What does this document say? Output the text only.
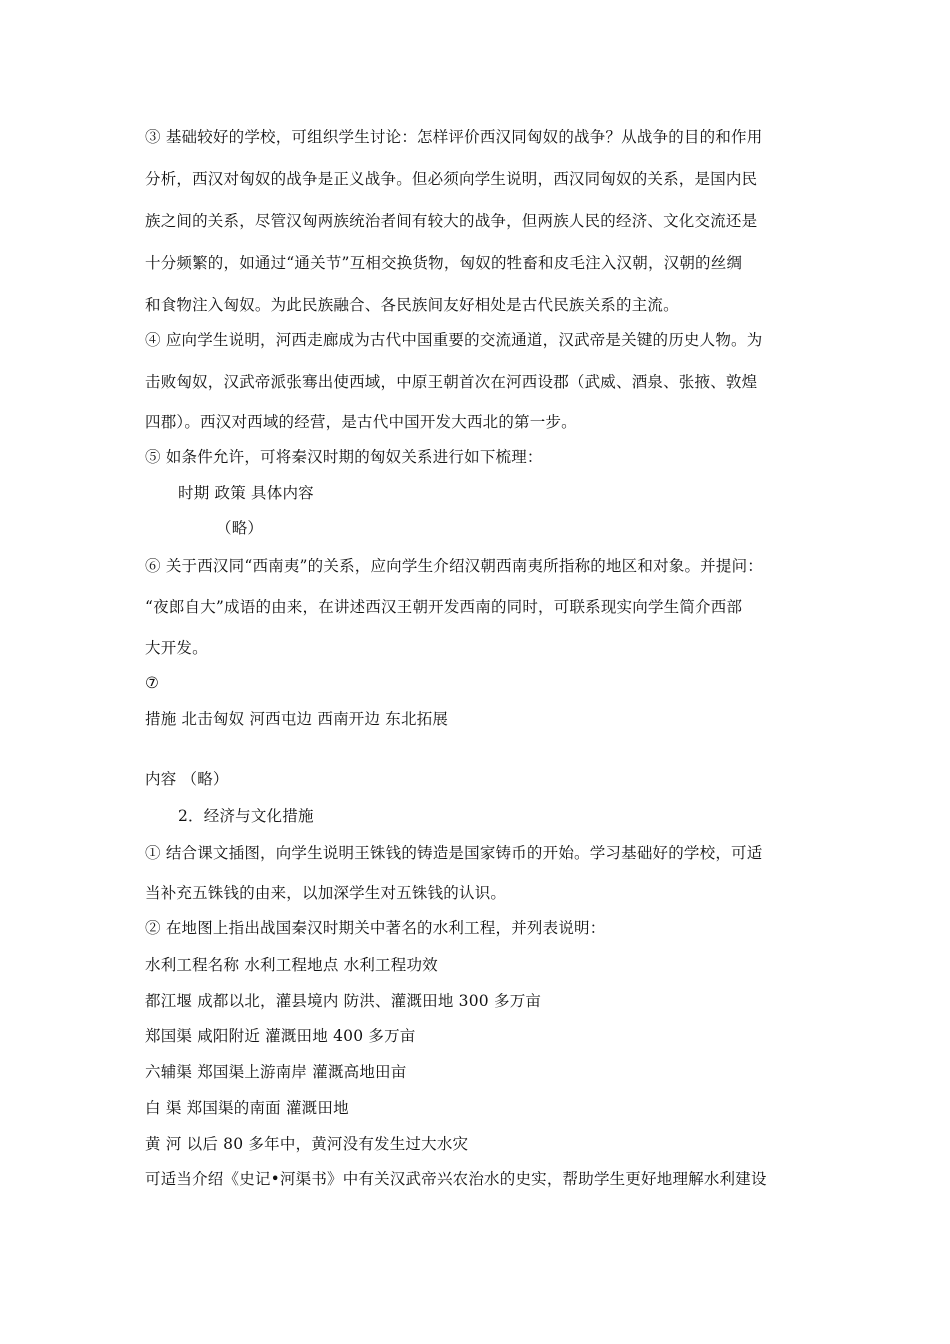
③ 基础较好的学校，可组织学生讨论：怎样评价西汉同匈奴的战争？从战争的目的和作用
分析，西汉对匈奴的战争是正义战争。但必须向学生说明，西汉同匈奴的关系，是国内民
族之间的关系，尽管汉匈两族统治者间有较大的战争，但两族人民的经济、文化交流还是
十分频繁的，如通过“通关节”互相交换货物，匈奴的牲畜和皮毛注入汉朝，汉朝的丝绸
和食物注入匈奴。为此民族融合、各民族间友好相处是古代民族关系的主流。
④ 应向学生说明，河西走廊成为古代中国重要的交流通道，汉武帝是关键的历史人物。为
击败匈奴，汉武帝派张骞出使西域，中原王朝首次在河西设郡（武威、酒泉、张掖、敦煌
四郡）。西汉对西域的经营，是古代中国开发大西北的第一步。
⑤ 如条件允许，可将秦汉时期的匈奴关系进行如下梳理：
时期 政策 具体内容
（略）
⑥ 关于西汉同“西南夷”的关系，应向学生介绍汉朝西南夷所指称的地区和对象。并提问：
“夜郎自大”成语的由来，在讲述西汉王朝开发西南的同时，可联系现实向学生简介西部
大开发。
⑦
措施 北击匈奴 河西屯边 西南开边 东北拓展
内容 （略）
2．经济与文化措施
① 结合课文插图，向学生说明王铢钱的铸造是国家铸币的开始。学习基础好的学校，可适
当补充五铢钱的由来，以加深学生对五铢钱的认识。
② 在地图上指出战国秦汉时期关中著名的水利工程，并列表说明：
水利工程名称 水利工程地点 水利工程功效
都江堰 成都以北，灌县境内 防洪、灌溉田地 300 多万亩
郑国渠 咸阳附近 灌溉田地 400 多万亩
六辅渠 郑国渠上游南岸 灌溉高地田亩
白 渠 郑国渠的南面 灌溉田地
黄 河 以后 80 多年中，黄河没有发生过大水灾
可适当介绍《史记•河渠书》中有关汉武帝兴农治水的史实，帮助学生更好地理解水利建设
